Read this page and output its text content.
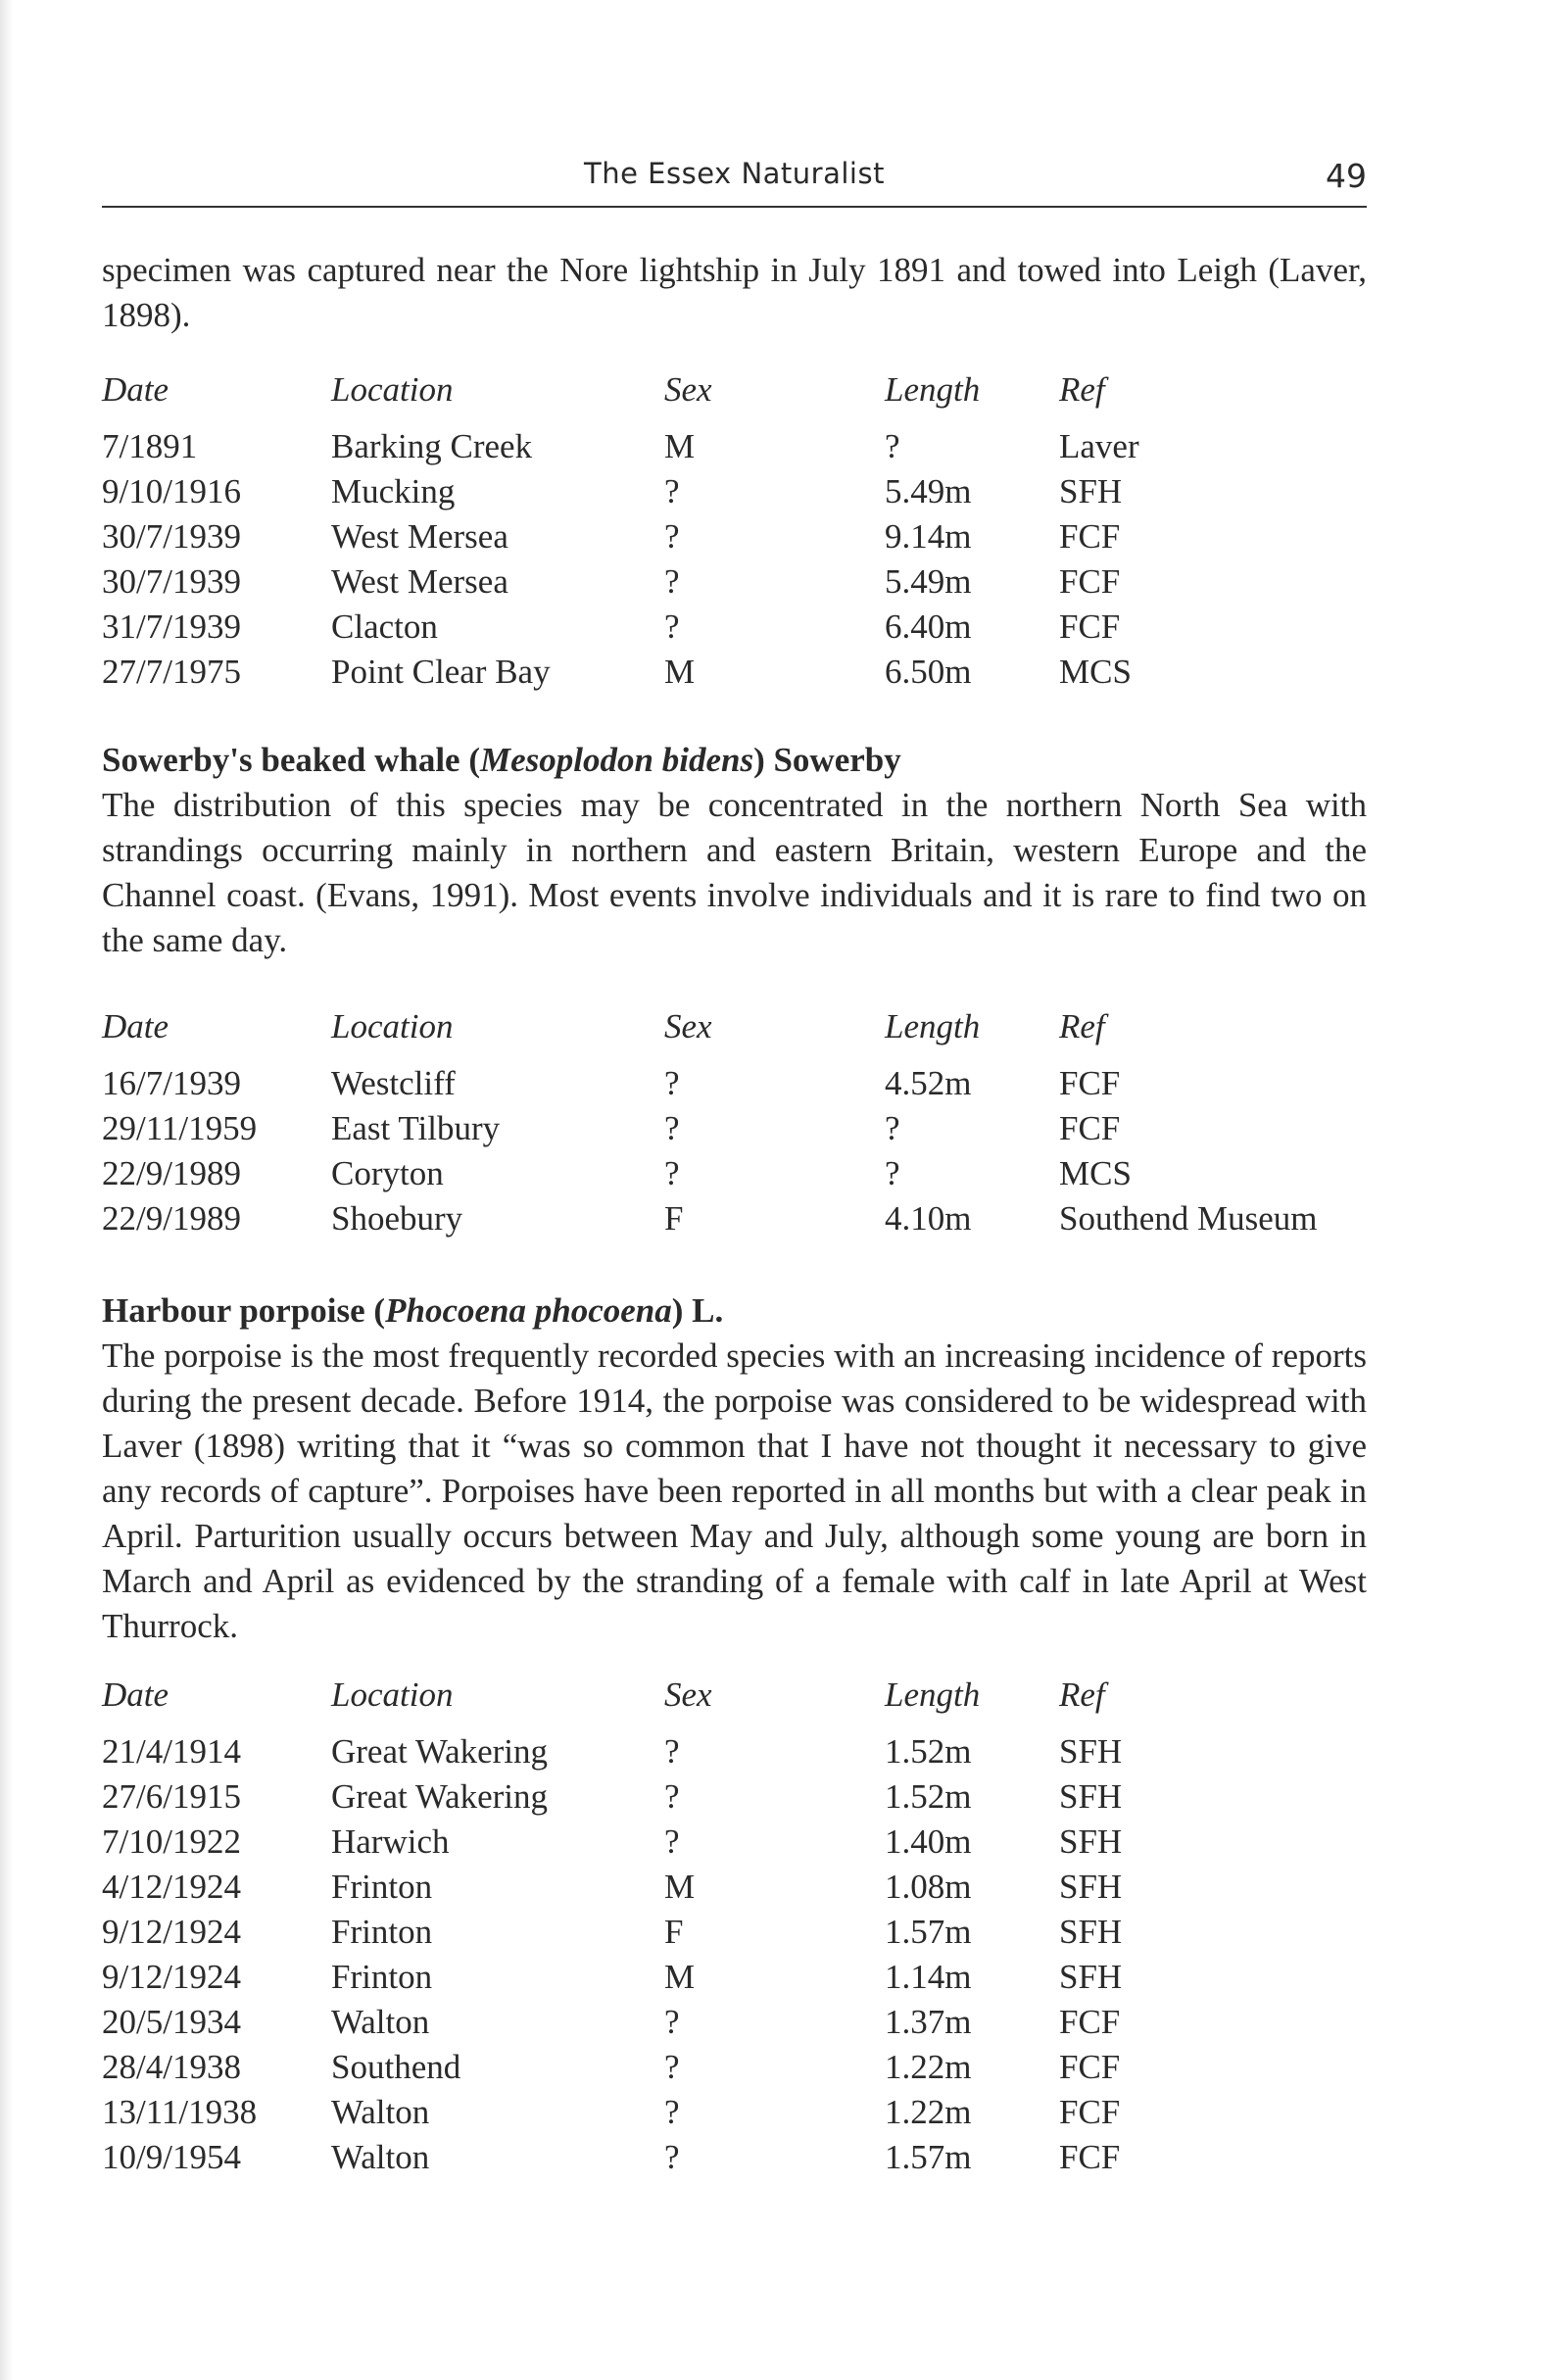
The Essex Naturalist	49

specimen was captured near the Nore lightship in July 1891 and towed into Leigh (Laver, 1898).

Date	Location	Sex	Length	Ref

7/1891	Barking Creek	M	?	Laver
9/10/1916	Mucking	?	5.49m	SFH
30/7/1939	West Mersea	?	9.14m	FCF
30/7/1939	West Mersea	?	5.49m	FCF
31/7/1939	Clacton	?	6.40m	FCF
27/7/1975	Point Clear Bay	M	6.50m	MCS

Sowerby's beaked whale (Mesoplodon bidens) Sowerby

The distribution of this species may be concentrated in the northern North Sea with strandings occurring mainly in northern and eastern Britain, western Europe and the Channel coast. (Evans, 1991). Most events involve individuals and it is rare to find two on the same day.

Date	Location	Sex	Length	Ref

16/7/1939	Westcliff	?	4.52m	FCF
29/11/1959	East Tilbury	?	?	FCF
22/9/1989	Coryton	?	?	MCS
22/9/1989	Shoebury	F	4.10m	Southend Museum

Harbour porpoise (Phocoena phocoena) L.

The porpoise is the most frequently recorded species with an increasing incidence of reports during the present decade. Before 1914, the porpoise was considered to be widespread with Laver (1898) writing that it “was so common that I have not thought it necessary to give any records of capture”. Porpoises have been reported in all months but with a clear peak in April. Parturition usually occurs between May and July, although some young are born in March and April as evidenced by the stranding of a female with calf in late April at West Thurrock.

Date	Location	Sex	Length	Ref

21/4/1914	Great Wakering	?	1.52m	SFH
27/6/1915	Great Wakering	?	1.52m	SFH
7/10/1922	Harwich	?	1.40m	SFH
4/12/1924	Frinton	M	1.08m	SFH
9/12/1924	Frinton	F	1.57m	SFH
9/12/1924	Frinton	M	1.14m	SFH
20/5/1934	Walton	?	1.37m	FCF
28/4/1938	Southend	?	1.22m	FCF
13/11/1938	Walton	?	1.22m	FCF
10/9/1954	Walton	?	1.57m	FCF
